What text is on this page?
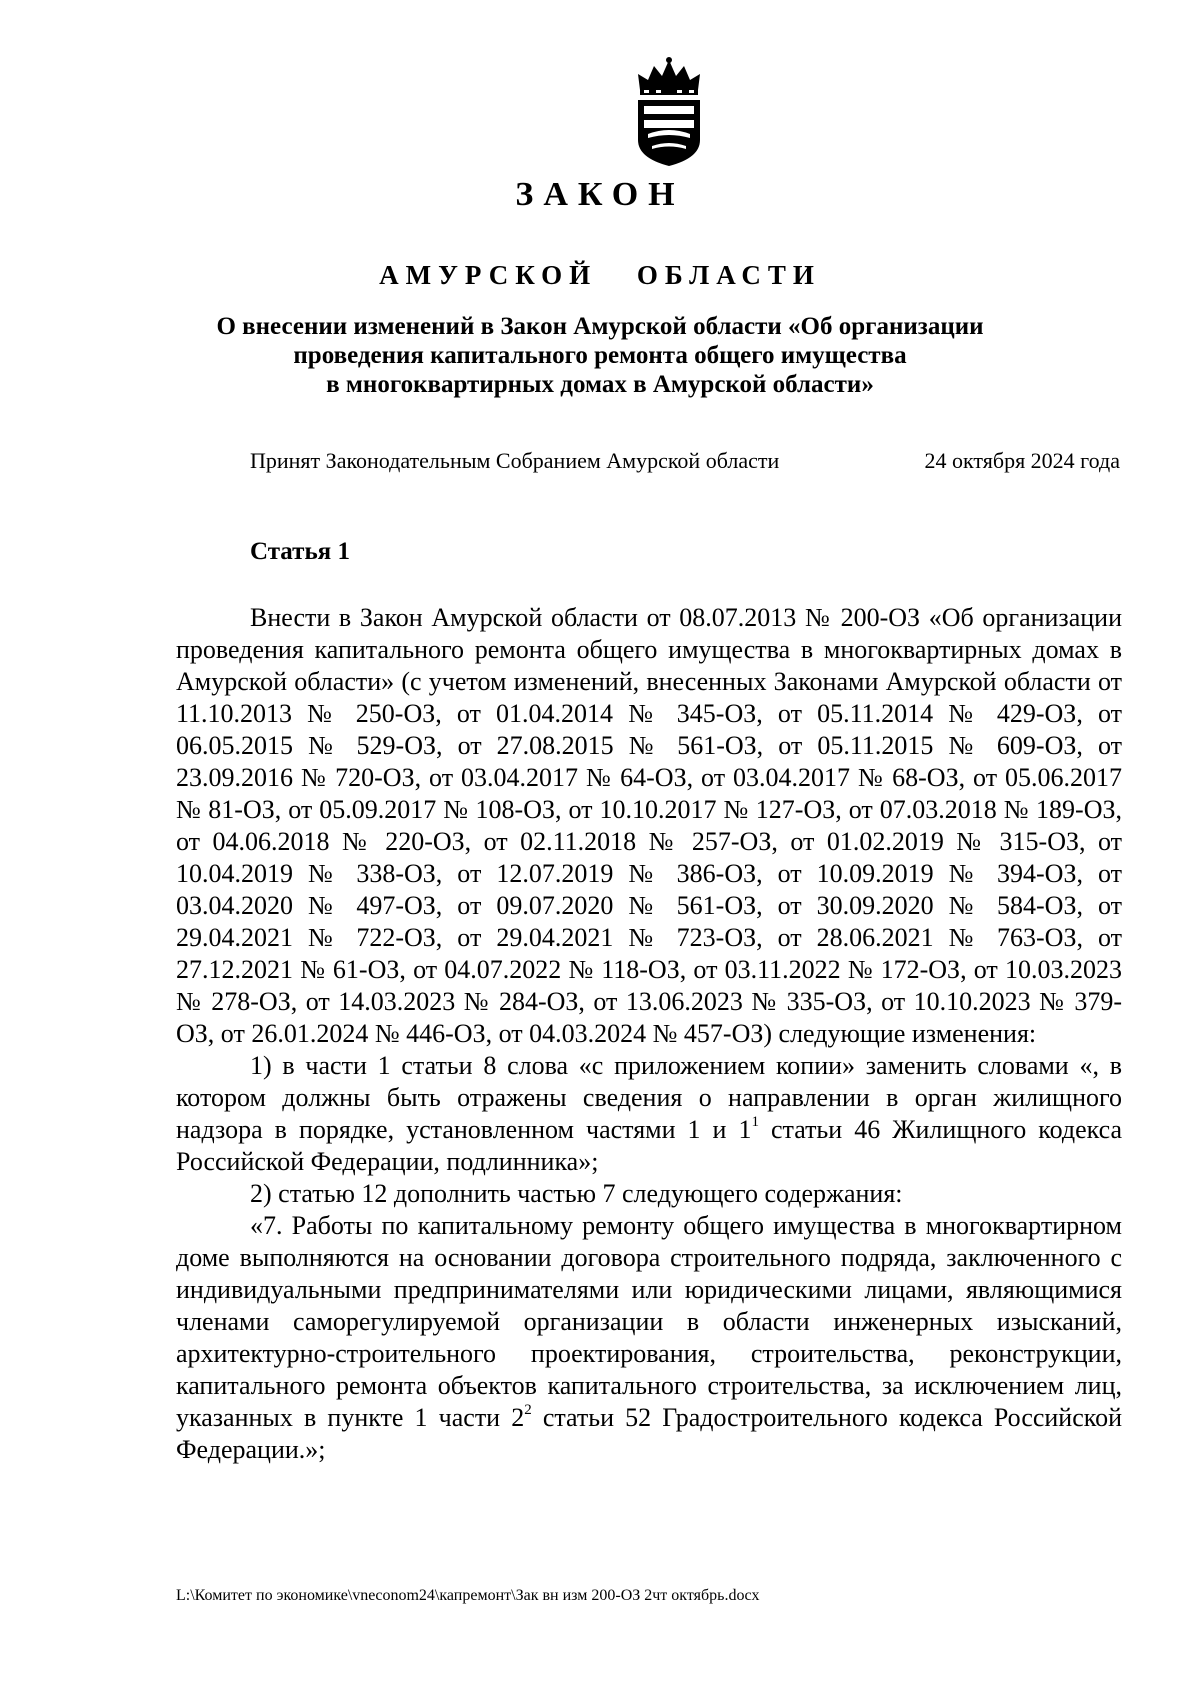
ЗАКОН
АМУРСКОЙ ОБЛАСТИ
О внесении изменений в Закон Амурской области «Об организации
проведения капитального ремонта общего имущества
в многоквартирных домах в Амурской области»
Принят Законодательным Собранием Амурской области	24 октября 2024 года
Статья 1

Внести в Закон Амурской области от 08.07.2013 № 200-ОЗ «Об организации проведения капитального ремонта общего имущества в многоквартирных домах в Амурской области» (с учетом изменений, внесенных Законами Амурской области от 11.10.2013 № 250-ОЗ, от 01.04.2014 № 345-ОЗ, от 05.11.2014 № 429-ОЗ, от 06.05.2015 № 529-ОЗ, от 27.08.2015 № 561-ОЗ, от 05.11.2015 № 609-ОЗ, от 23.09.2016 № 720-ОЗ, от 03.04.2017 № 64-ОЗ, от 03.04.2017 № 68-ОЗ, от 05.06.2017 № 81-ОЗ, от 05.09.2017 № 108-ОЗ, от 10.10.2017 № 127-ОЗ, от 07.03.2018 № 189-ОЗ, от 04.06.2018 № 220-ОЗ, от 02.11.2018 № 257-ОЗ, от 01.02.2019 № 315-ОЗ, от 10.04.2019 № 338-ОЗ, от 12.07.2019 № 386-ОЗ, от 10.09.2019 № 394-ОЗ, от 03.04.2020 № 497-ОЗ, от 09.07.2020 № 561-ОЗ, от 30.09.2020 № 584-ОЗ, от 29.04.2021 № 722-ОЗ, от 29.04.2021 № 723-ОЗ, от 28.06.2021 № 763-ОЗ, от 27.12.2021 № 61-ОЗ, от 04.07.2022 № 118-ОЗ, от 03.11.2022 № 172-ОЗ, от 10.03.2023 № 278-ОЗ, от 14.03.2023 № 284-ОЗ, от 13.06.2023 № 335-ОЗ, от 10.10.2023 № 379-ОЗ, от 26.01.2024 № 446-ОЗ, от 04.03.2024 № 457-ОЗ) следующие изменения:

1) в части 1 статьи 8 слова «с приложением копии» заменить словами «, в котором должны быть отражены сведения о направлении в орган жилищного надзора в порядке, установленном частями 1 и $1^1$ статьи 46 Жилищного кодекса Российской Федерации, подлинника»;

2) статью 12 дополнить частью 7 следующего содержания:

«7. Работы по капитальному ремонту общего имущества в многоквартирном доме выполняются на основании договора строительного подряда, заключенного с индивидуальными предпринимателями или юридическими лицами, являющимися членами саморегулируемой организации в области инженерных изысканий, архитектурно-строительного проектирования, строительства, реконструкции, капитального ремонта объектов капитального строительства, за исключением лиц, указанных в пункте 1 части $2^2$ статьи 52 Градостроительного кодекса Российской Федерации.»;

L:\Комитет по экономике\vneconom24\капремонт\Зак вн изм 200-ОЗ 2чт октябрь.docx
